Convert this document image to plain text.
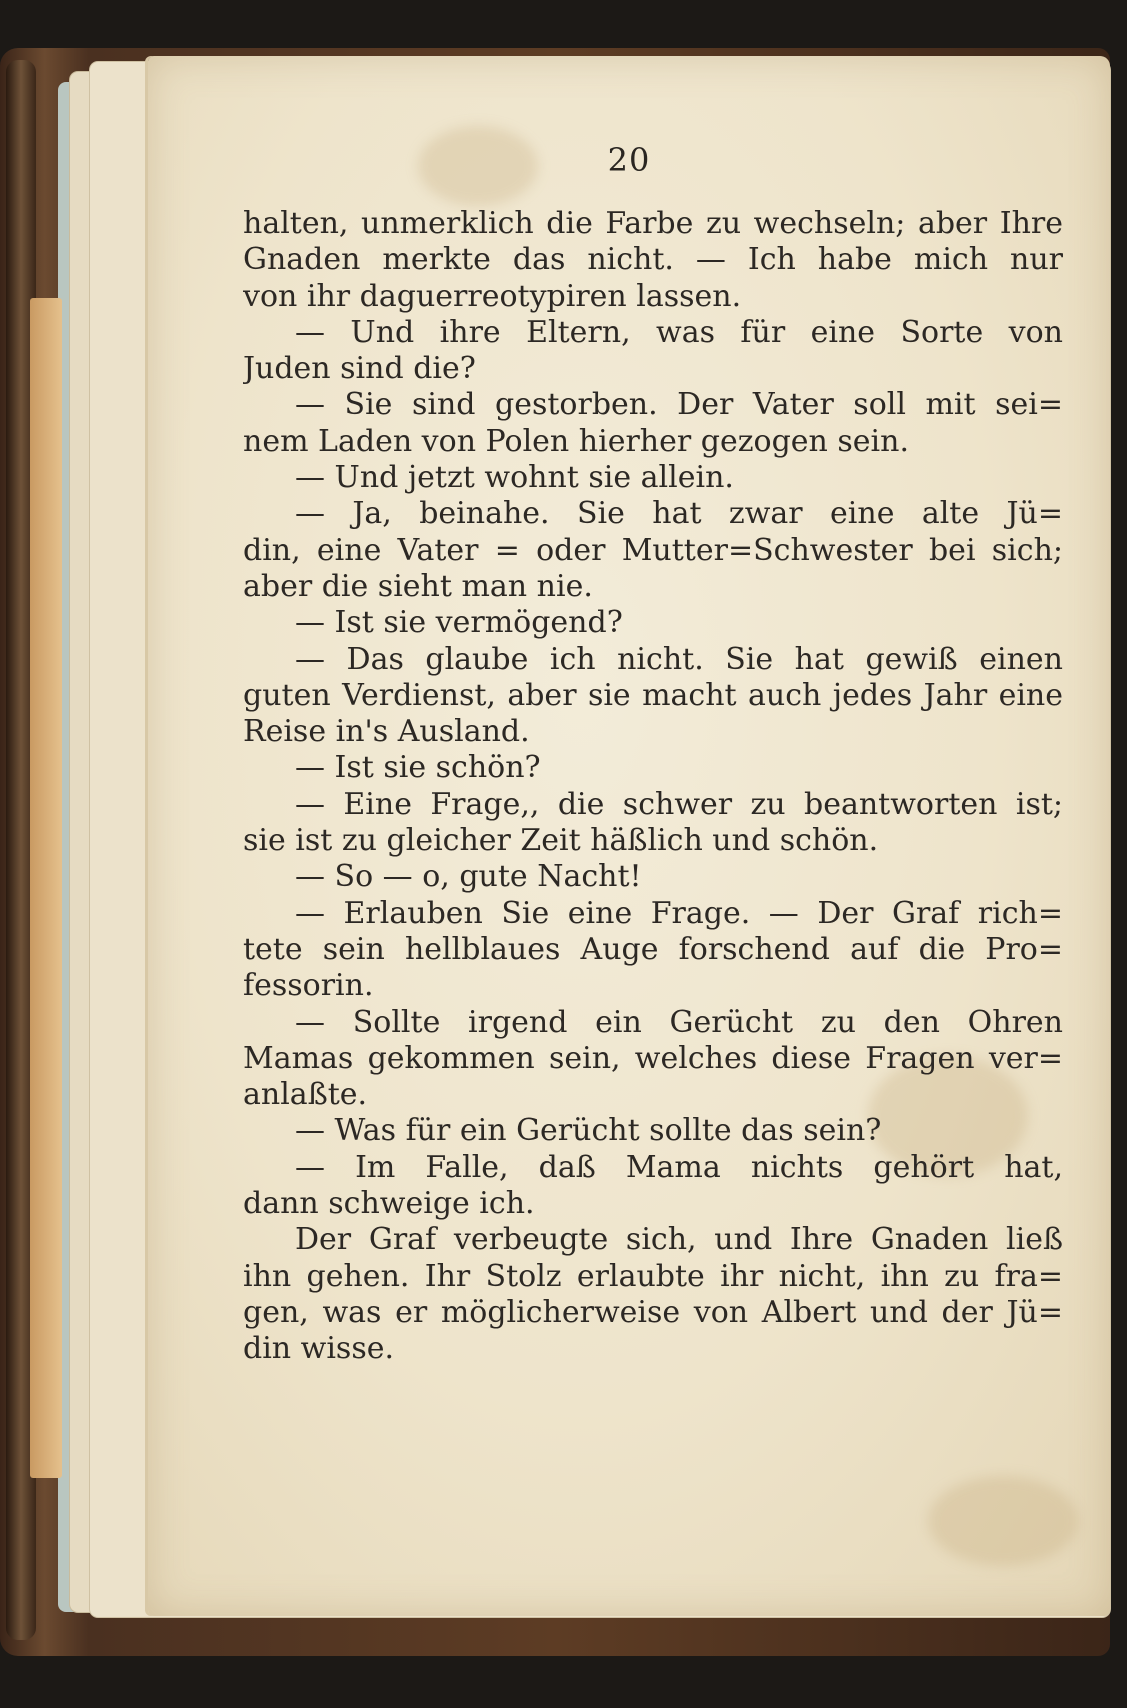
20
halten, unmerklich die Farbe zu wechseln; aber Ihre
Gnaden merkte das nicht. — Ich habe mich nur
von ihr daguerreotypiren lassen.
— Und ihre Eltern, was für eine Sorte von
Juden sind die?
— Sie sind gestorben. Der Vater soll mit sei=
nem Laden von Polen hierher gezogen sein.
— Und jetzt wohnt sie allein.
— Ja, beinahe. Sie hat zwar eine alte Jü=
din, eine Vater = oder Mutter=Schwester bei sich;
aber die sieht man nie.
— Ist sie vermögend?
— Das glaube ich nicht. Sie hat gewiß einen
guten Verdienst, aber sie macht auch jedes Jahr eine
Reise in's Ausland.
— Ist sie schön?
— Eine Frage,, die schwer zu beantworten ist;
sie ist zu gleicher Zeit häßlich und schön.
— So — o, gute Nacht!
— Erlauben Sie eine Frage. — Der Graf rich=
tete sein hellblaues Auge forschend auf die Pro=
fessorin.
— Sollte irgend ein Gerücht zu den Ohren
Mamas gekommen sein, welches diese Fragen ver=
anlaßte.
— Was für ein Gerücht sollte das sein?
— Im Falle, daß Mama nichts gehört hat,
dann schweige ich.
Der Graf verbeugte sich, und Ihre Gnaden ließ
ihn gehen. Ihr Stolz erlaubte ihr nicht, ihn zu fra=
gen, was er möglicherweise von Albert und der Jü=
din wisse.
